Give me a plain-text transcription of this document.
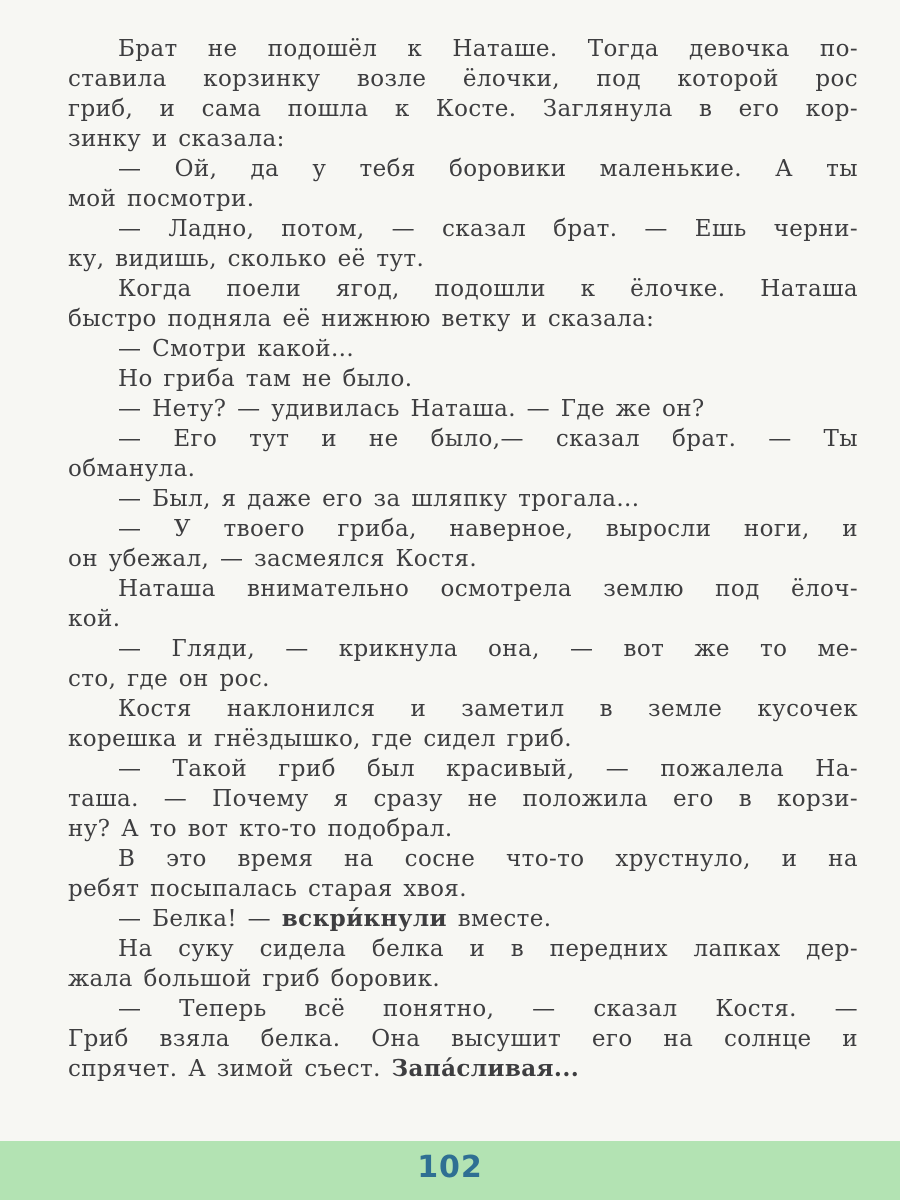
Брат не подошёл к Наташе. Тогда девочка по-
ставила корзинку возле ёлочки, под которой рос
гриб, и сама пошла к Косте. Заглянула в его кор-
зинку и сказала:
— Ой, да у тебя боровики маленькие. А ты
мой посмотри.
— Ладно, потом, — сказал брат. — Ешь черни-
ку, видишь, сколько её тут.
Когда поели ягод, подошли к ёлочке. Наташа
быстро подняла её нижнюю ветку и сказала:
— Смотри какой...
Но гриба там не было.
— Нету? — удивилась Наташа. — Где же он?
— Его тут и не было,— сказал брат. — Ты
обманула.
— Был, я даже его за шляпку трогала...
— У твоего гриба, наверное, выросли ноги, и
он убежал, — засмеялся Костя.
Наташа внимательно осмотрела землю под ёлоч-
кой.
— Гляди, — крикнула она, — вот же то ме-
сто, где он рос.
Костя наклонился и заметил в земле кусочек
корешка и гнёздышко, где сидел гриб.
— Такой гриб был красивый, — пожалела На-
таша. — Почему я сразу не положила его в корзи-
ну? А то вот кто-то подобрал.
В это время на сосне что-то хрустнуло, и на
ребят посыпалась старая хвоя.
— Белка! — вскри́кнули вместе.
На суку сидела белка и в передних лапках дер-
жала большой гриб боровик.
— Теперь всё понятно, — сказал Костя. —
Гриб взяла белка. Она высушит его на солнце и
спрячет. А зимой съест. Запа́сливая...
102
